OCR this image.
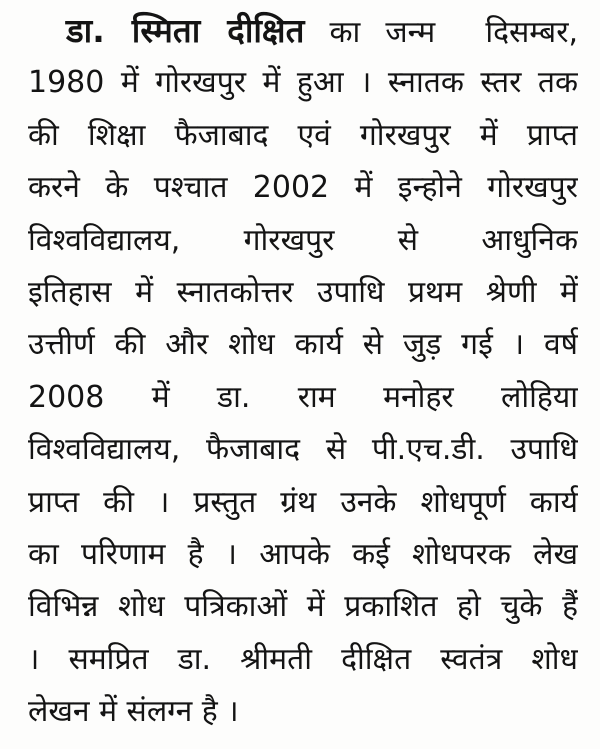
डा. स्मिता दीक्षित का जन्म  दिसम्बर,

1980 में गोरखपुर में हुआ । स्नातक स्तर तक

की शिक्षा फैजाबाद एवं गोरखपुर में प्राप्त

करने के पश्चात 2002 में इन्होने गोरखपुर

विश्वविद्यालय, गोरखपुर से आधुनिक

इतिहास में स्नातकोत्तर उपाधि प्रथम श्रेणी में

उत्तीर्ण की और शोध कार्य से जुड़ गई । वर्ष

2008 में डा. राम मनोहर लोहिया

विश्वविद्यालय, फैजाबाद से पी.एच.डी. उपाधि

प्राप्त की । प्रस्तुत ग्रंथ उनके शोधपूर्ण कार्य

का परिणाम है । आपके कई शोधपरक लेख

विभिन्न शोध पत्रिकाओं में प्रकाशित हो चुके हैं

। समप्रित डा. श्रीमती दीक्षित स्वतंत्र शोध

लेखन में संलग्न है ।
